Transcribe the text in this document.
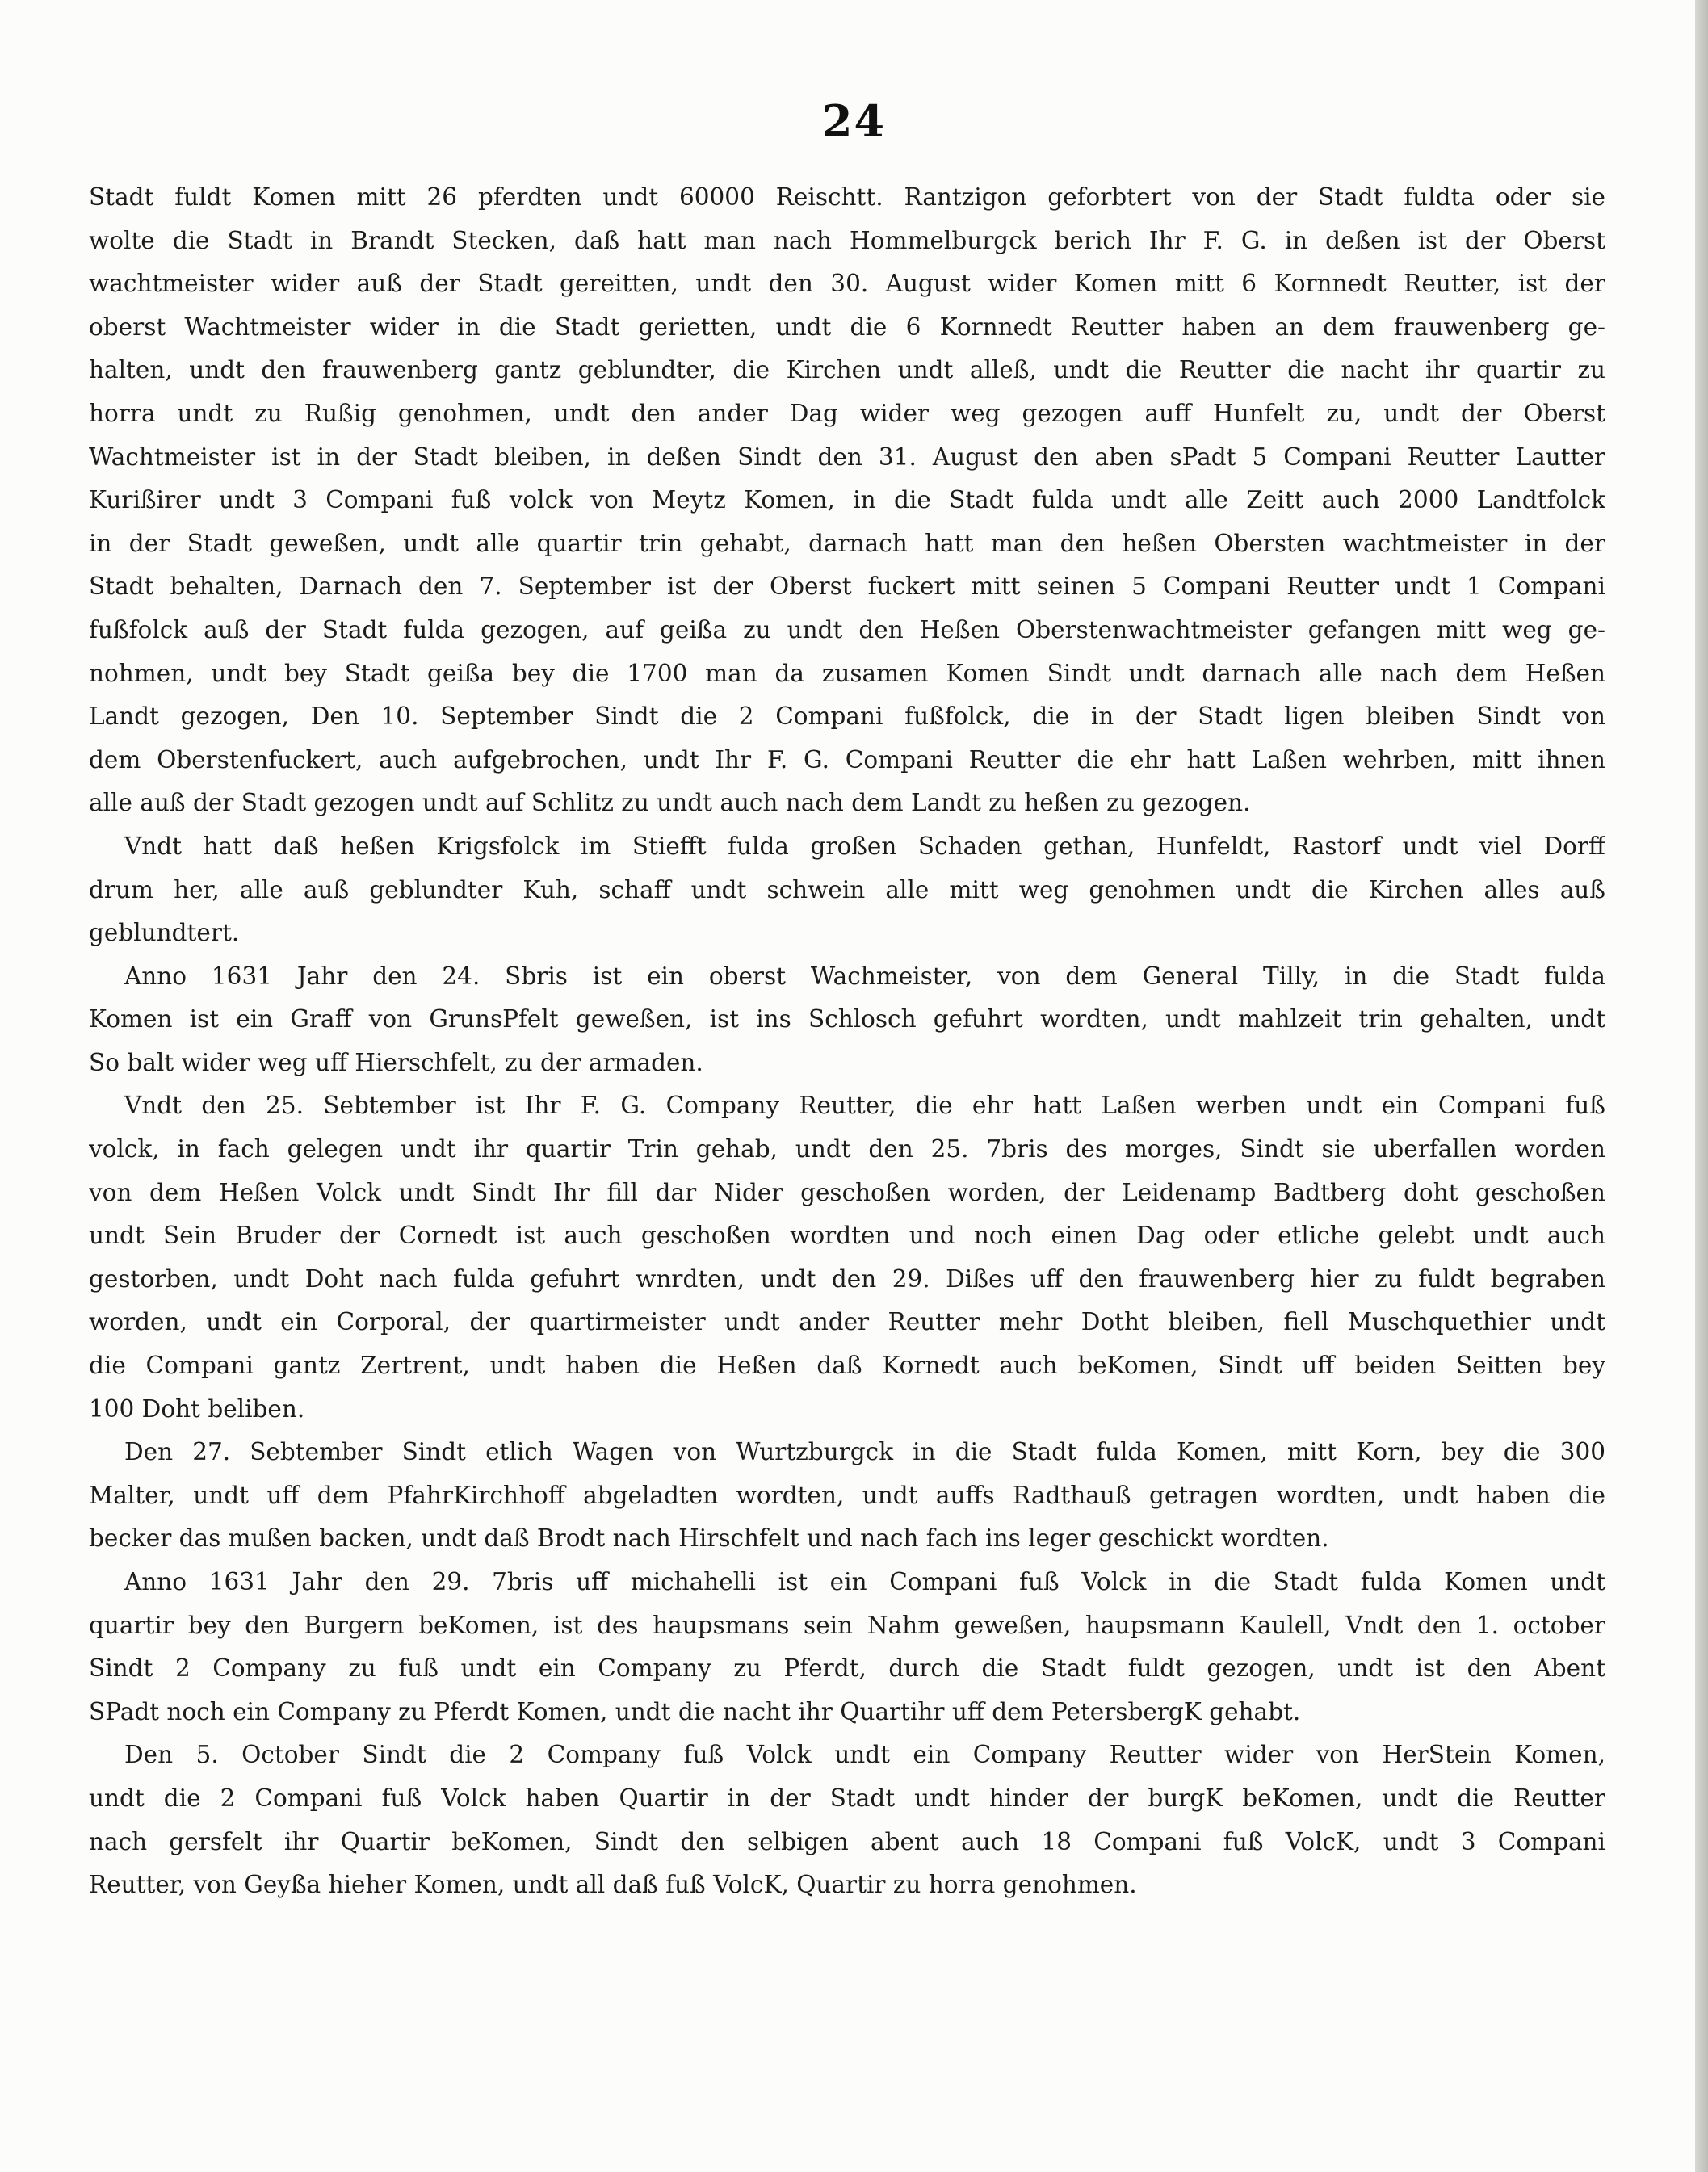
24
Stadt fuldt Komen mitt 26 pferdten undt 60000 Reischtt. Rantzigon geforbtert von der Stadt fuldta oder sie
wolte die Stadt in Brandt Stecken, daß hatt man nach Hommelburgck berich Ihr F. G. in deßen ist der Oberst
wachtmeister wider auß der Stadt gereitten, undt den 30. August wider Komen mitt 6 Kornnedt Reutter, ist der
oberst Wachtmeister wider in die Stadt gerietten, undt die 6 Kornnedt Reutter haben an dem frauwenberg ge-
halten, undt den frauwenberg gantz geblundter, die Kirchen undt alleß, undt die Reutter die nacht ihr quartir zu
horra undt zu Rußig genohmen, undt den ander Dag wider weg gezogen auff Hunfelt zu, undt der Oberst
Wachtmeister ist in der Stadt bleiben, in deßen Sindt den 31. August den aben sPadt 5 Compani Reutter Lautter
Kurißirer undt 3 Compani fuß volck von Meytz Komen, in die Stadt fulda undt alle Zeitt auch 2000 Landtfolck
in der Stadt geweßen, undt alle quartir trin gehabt, darnach hatt man den heßen Obersten wachtmeister in der
Stadt behalten, Darnach den 7. September ist der Oberst fuckert mitt seinen 5 Compani Reutter undt 1 Compani
fußfolck auß der Stadt fulda gezogen, auf geißa zu undt den Heßen Oberstenwachtmeister gefangen mitt weg ge-
nohmen, undt bey Stadt geißa bey die 1700 man da zusamen Komen Sindt undt darnach alle nach dem Heßen
Landt gezogen, Den 10. September Sindt die 2 Compani fußfolck, die in der Stadt ligen bleiben Sindt von
dem Oberstenfuckert, auch aufgebrochen, undt Ihr F. G. Compani Reutter die ehr hatt Laßen wehrben, mitt ihnen
alle auß der Stadt gezogen undt auf Schlitz zu undt auch nach dem Landt zu heßen zu gezogen.
Vndt hatt daß heßen Krigsfolck im Stiefft fulda großen Schaden gethan, Hunfeldt, Rastorf undt viel Dorff
drum her, alle auß geblundter Kuh, schaff undt schwein alle mitt weg genohmen undt die Kirchen alles auß
geblundtert.
Anno 1631 Jahr den 24. Sbris ist ein oberst Wachmeister, von dem General Tilly, in die Stadt fulda
Komen ist ein Graff von GrunsPfelt geweßen, ist ins Schlosch gefuhrt wordten, undt mahlzeit trin gehalten, undt
So balt wider weg uff Hierschfelt, zu der armaden.
Vndt den 25. Sebtember ist Ihr F. G. Company Reutter, die ehr hatt Laßen werben undt ein Compani fuß
volck, in fach gelegen undt ihr quartir Trin gehab, undt den 25. 7bris des morges, Sindt sie uberfallen worden
von dem Heßen Volck undt Sindt Ihr fill dar Nider geschoßen worden, der Leidenamp Badtberg doht geschoßen
undt Sein Bruder der Cornedt ist auch geschoßen wordten und noch einen Dag oder etliche gelebt undt auch
gestorben, undt Doht nach fulda gefuhrt wnrdten, undt den 29. Dißes uff den frauwenberg hier zu fuldt begraben
worden, undt ein Corporal, der quartirmeister undt ander Reutter mehr Dotht bleiben, fiell Muschquethier undt
die Compani gantz Zertrent, undt haben die Heßen daß Kornedt auch beKomen, Sindt uff beiden Seitten bey
100 Doht beliben.
Den 27. Sebtember Sindt etlich Wagen von Wurtzburgck in die Stadt fulda Komen, mitt Korn, bey die 300
Malter, undt uff dem PfahrKirchhoff abgeladten wordten, undt auffs Radthauß getragen wordten, undt haben die
becker das mußen backen, undt daß Brodt nach Hirschfelt und nach fach ins leger geschickt wordten.
Anno 1631 Jahr den 29. 7bris uff michahelli ist ein Compani fuß Volck in die Stadt fulda Komen undt
quartir bey den Burgern beKomen, ist des haupsmans sein Nahm geweßen, haupsmann Kaulell, Vndt den 1. october
Sindt 2 Company zu fuß undt ein Company zu Pferdt, durch die Stadt fuldt gezogen, undt ist den Abent
SPadt noch ein Company zu Pferdt Komen, undt die nacht ihr Quartihr uff dem PetersbergK gehabt.
Den 5. October Sindt die 2 Company fuß Volck undt ein Company Reutter wider von HerStein Komen,
undt die 2 Compani fuß Volck haben Quartir in der Stadt undt hinder der burgK beKomen, undt die Reutter
nach gersfelt ihr Quartir beKomen, Sindt den selbigen abent auch 18 Compani fuß VolcK, undt 3 Compani
Reutter, von Geyßa hieher Komen, undt all daß fuß VolcK, Quartir zu horra genohmen.
